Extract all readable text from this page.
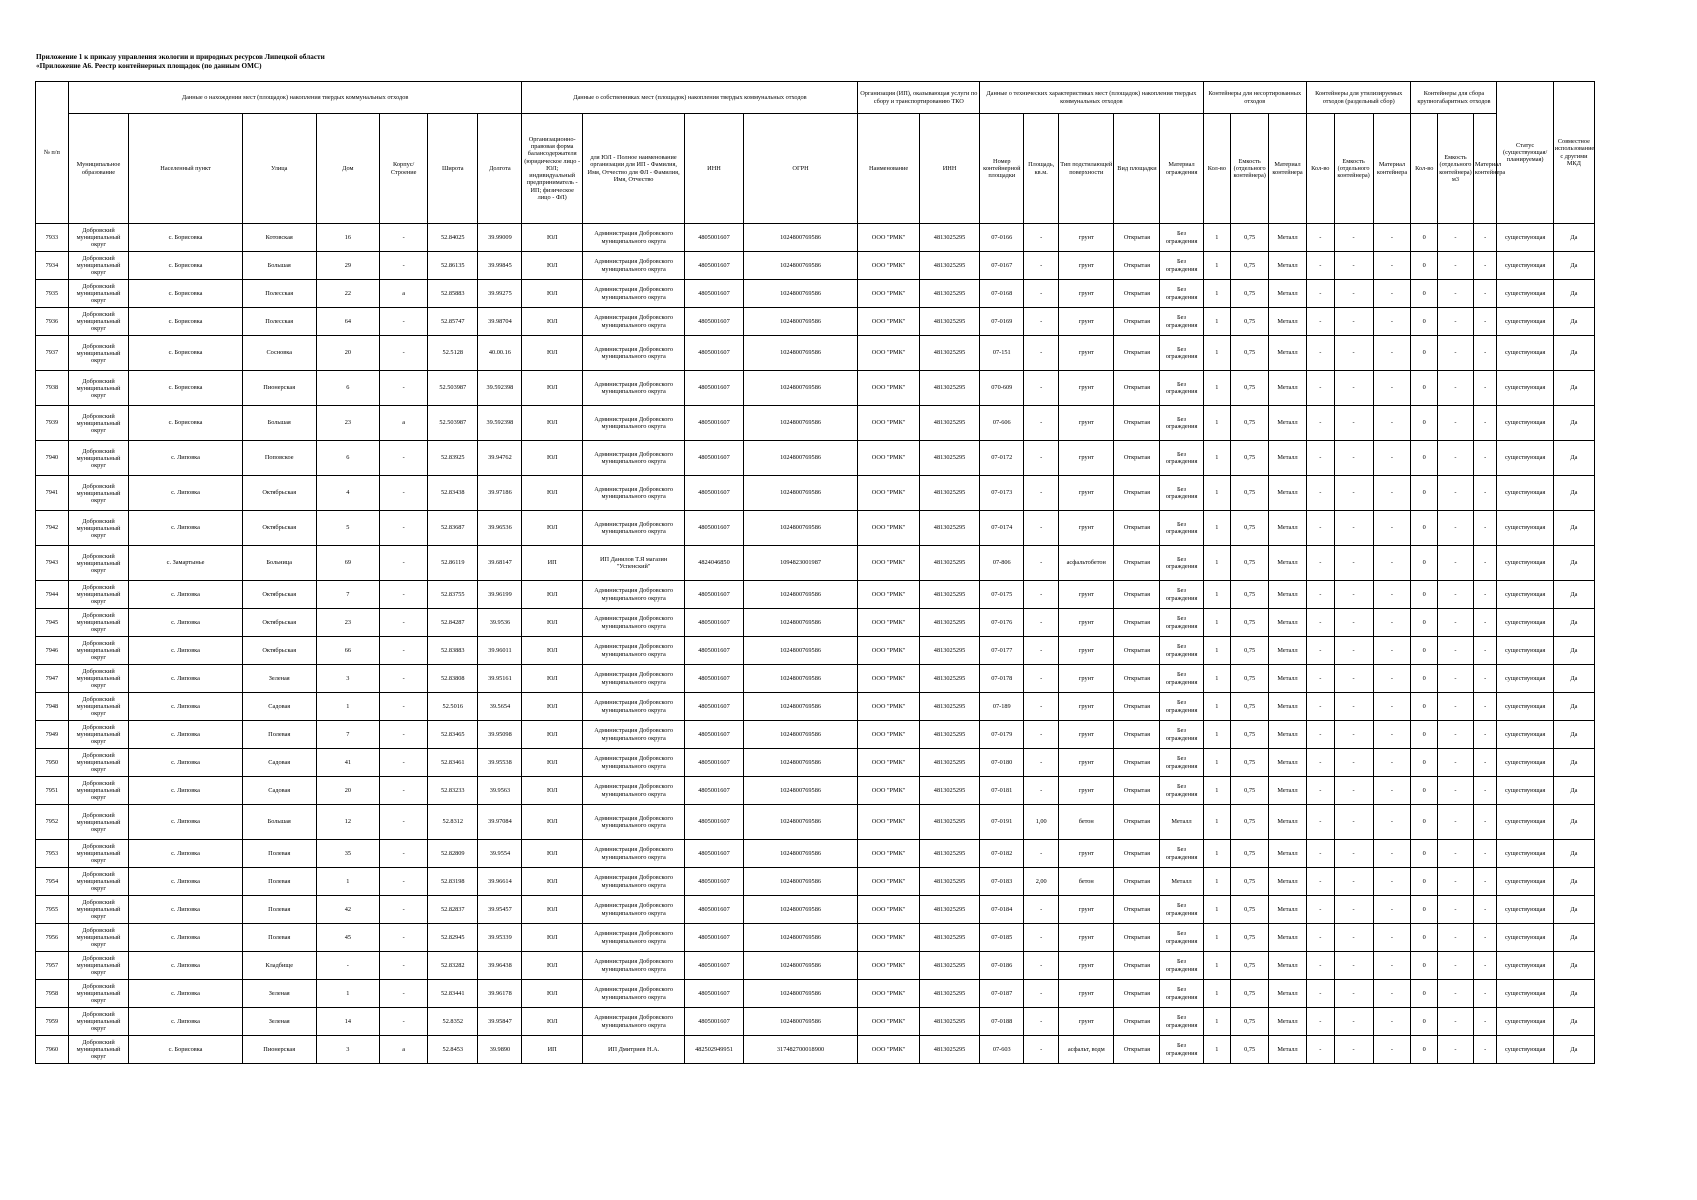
Приложение 1 к приказу управления экологии и природных ресурсов Липецкой области
«Приложение А6. Реестр контейнерных площадок (по данным ОМС)
№ п/п	Данные о нахождении мест (площадок) накопления твердых коммунальных отходов							Данные о собственниках мест (площадок) накопления твердых коммунальных отходов				Организация (ИП), оказывающая услуги по сбору и транспортированию ТКО		Данные о технических характеристиках мест (площадок) накопления твердых коммунальных отходов					Контейнеры для несортированных отходов			Контейнеры для утилизируемых отходов (раздельный сбор)			Контейнеры для сбора крупногабаритных отходов			Статус (существующая/ планируемая)	Совместное использование с другими МКД
	Муниципальное образование	Населенный пункт	Улица	Дом	Корпус/Строение	Широта	Долгота	Организационно-правовая форма балансодержателя (юридическое лицо - ЮЛ; индивидуальный предприниматель - ИП; физическое лицо - ФЛ)	для ЮЛ - Полное наименование организации для ИП - Фамилия, Имя, Отчество для ФЛ - Фамилия, Имя, Отчество	ИНН	ОГРН	Наименование	ИНН	Номер контейнерной площадки	Площадь, кв.м.	Тип подстилающей поверхности	Вид площадки	Материал ограждения	Кол-во	Емкость (отдельного контейнера)	Материал контейнера	Кол-во	Емкость (отдельного контейнера)	Материал контейнера	Кол-во	Емкость (отдельного контейнера) м3	Материал контейнера		
7933	Добровский муниципальный округ	с. Борисовка	Котовская	16	-	52.84025	39.99009	ЮЛ	Администрация Добровского муниципального округа	4805001607	1024800769586	ООО "РМК"	4813025295	07-0166	-	грунт	Открытая	Без ограждения	1	0,75	Металл	-	-	-	0	-	-	существующая	Да
7934	Добровский муниципальный округ	с. Борисовка	Большая	29	-	52.86135	39.99845	ЮЛ	Администрация Добровского муниципального округа	4805001607	1024800769586	ООО "РМК"	4813025295	07-0167	-	грунт	Открытая	Без ограждения	1	0,75	Металл	-	-	-	0	-	-	существующая	Да
7935	Добровский муниципальный округ	с. Борисовка	Полесская	22	а	52.85883	39.99275	ЮЛ	Администрация Добровского муниципального округа	4805001607	1024800769586	ООО "РМК"	4813025295	07-0168	-	грунт	Открытая	Без ограждения	1	0,75	Металл	-	-	-	0	-	-	существующая	Да
7936	Добровский муниципальный округ	с. Борисовка	Полесская	64	-	52.85747	39.98704	ЮЛ	Администрация Добровского муниципального округа	4805001607	1024800769586	ООО "РМК"	4813025295	07-0169	-	грунт	Открытая	Без ограждения	1	0,75	Металл	-	-	-	0	-	-	существующая	Да
7937	Добровский муниципальный округ	с. Борисовка	Сосновка	20	-	52.5128	40.00.16	ЮЛ	Администрация Добровского муниципального округа	4805001607	1024800769586	ООО "РМК"	4813025295	07-151	-	грунт	Открытая	Без ограждения	1	0,75	Металл	-	-	-	0	-	-	существующая	Да
7938	Добровский муниципальный округ	с. Борисовка	Пионерская	6	-	52.503987	39.592398	ЮЛ	Администрация Добровского муниципального округа	4805001607	1024800769586	ООО "РМК"	4813025295	070-609	-	грунт	Открытая	Без ограждения	1	0,75	Металл	-	-	-	0	-	-	существующая	Да
7939	Добровский муниципальный округ	с. Борисовка	Большая	23	а	52.503987	39.592398	ЮЛ	Администрация Добровского муниципального округа	4805001607	1024800769586	ООО "РМК"	4813025295	07-606	-	грунт	Открытая	Без ограждения	1	0,75	Металл	-	-	-	0	-	-	существующая	Да
7940	Добровский муниципальный округ	с. Липовка	Поповское	6	-	52.83925	39.94762	ЮЛ	Администрация Добровского муниципального округа	4805001607	1024800769586	ООО "РМК"	4813025295	07-0172	-	грунт	Открытая	Без ограждения	1	0,75	Металл	-	-	-	0	-	-	существующая	Да
7941	Добровский муниципальный округ	с. Липовка	Октябрьская	4	-	52.83438	39.97186	ЮЛ	Администрация Добровского муниципального округа	4805001607	1024800769586	ООО "РМК"	4813025295	07-0173	-	грунт	Открытая	Без ограждения	1	0,75	Металл	-	-	-	0	-	-	существующая	Да
7942	Добровский муниципальный округ	с. Липовка	Октябрьская	5	-	52.83687	39.96536	ЮЛ	Администрация Добровского муниципального округа	4805001607	1024800769586	ООО "РМК"	4813025295	07-0174	-	грунт	Открытая	Без ограждения	1	0,75	Металл	-	-	-	0	-	-	существующая	Да
7943	Добровский муниципальный округ	с. Замартынье	Больница	69	-	52.86119	39.68147	ИП	ИП Данилов Т.Я магазин "Успенский"	4824046850	1094823001987	ООО "РМК"	4813025295	07-806	-	асфальтобетон	Открытая	Без ограждения	1	0,75	Металл	-	-	-	0	-	-	существующая	Да
7944	Добровский муниципальный округ	с. Липовка	Октябрьская	7	-	52.83755	39.96199	ЮЛ	Администрация Добровского муниципального округа	4805001607	1024800769586	ООО "РМК"	4813025295	07-0175	-	грунт	Открытая	Без ограждения	1	0,75	Металл	-	-	-	0	-	-	существующая	Да
7945	Добровский муниципальный округ	с. Липовка	Октябрьская	23	-	52.84287	39.9536	ЮЛ	Администрация Добровского муниципального округа	4805001607	1024800769586	ООО "РМК"	4813025295	07-0176	-	грунт	Открытая	Без ограждения	1	0,75	Металл	-	-	-	0	-	-	существующая	Да
7946	Добровский муниципальный округ	с. Липовка	Октябрьская	66	-	52.83883	39.96011	ЮЛ	Администрация Добровского муниципального округа	4805001607	1024800769586	ООО "РМК"	4813025295	07-0177	-	грунт	Открытая	Без ограждения	1	0,75	Металл	-	-	-	0	-	-	существующая	Да
7947	Добровский муниципальный округ	с. Липовка	Зеленая	3	-	52.83808	39.95161	ЮЛ	Администрация Добровского муниципального округа	4805001607	1024800769586	ООО "РМК"	4813025295	07-0178	-	грунт	Открытая	Без ограждения	1	0,75	Металл	-	-	-	0	-	-	существующая	Да
7948	Добровский муниципальный округ	с. Липовка	Садовая	1	-	52.5016	39.5654	ЮЛ	Администрация Добровского муниципального округа	4805001607	1024800769586	ООО "РМК"	4813025295	07-189	-	грунт	Открытая	Без ограждения	1	0,75	Металл	-	-	-	0	-	-	существующая	Да
7949	Добровский муниципальный округ	с. Липовка	Полевая	7	-	52.83465	39.95098	ЮЛ	Администрация Добровского муниципального округа	4805001607	1024800769586	ООО "РМК"	4813025295	07-0179	-	грунт	Открытая	Без ограждения	1	0,75	Металл	-	-	-	0	-	-	существующая	Да
7950	Добровский муниципальный округ	с. Липовка	Садовая	41	-	52.83461	39.95538	ЮЛ	Администрация Добровского муниципального округа	4805001607	1024800769586	ООО "РМК"	4813025295	07-0180	-	грунт	Открытая	Без ограждения	1	0,75	Металл	-	-	-	0	-	-	существующая	Да
7951	Добровский муниципальный округ	с. Липовка	Садовая	20	-	52.83233	39.9563	ЮЛ	Администрация Добровского муниципального округа	4805001607	1024800769586	ООО "РМК"	4813025295	07-0181	-	грунт	Открытая	Без ограждения	1	0,75	Металл	-	-	-	0	-	-	существующая	Да
7952	Добровский муниципальный округ	с. Липовка	Большая	12	-	52.8312	39.97084	ЮЛ	Администрация Добровского муниципального округа	4805001607	1024800769586	ООО "РМК"	4813025295	07-0191	1,00	бетон	Открытая	Металл	1	0,75	Металл	-	-	-	0	-	-	существующая	Да
7953	Добровский муниципальный округ	с. Липовка	Полевая	35	-	52.82809	39.9554	ЮЛ	Администрация Добровского муниципального округа	4805001607	1024800769586	ООО "РМК"	4813025295	07-0182	-	грунт	Открытая	Без ограждения	1	0,75	Металл	-	-	-	0	-	-	существующая	Да
7954	Добровский муниципальный округ	с. Липовка	Полевая	1	-	52.83198	39.96614	ЮЛ	Администрация Добровского муниципального округа	4805001607	1024800769586	ООО "РМК"	4813025295	07-0183	2,00	бетон	Открытая	Металл	1	0,75	Металл	-	-	-	0	-	-	существующая	Да
7955	Добровский муниципальный округ	с. Липовка	Полевая	42	-	52.82837	39.95457	ЮЛ	Администрация Добровского муниципального округа	4805001607	1024800769586	ООО "РМК"	4813025295	07-0184	-	грунт	Открытая	Без ограждения	1	0,75	Металл	-	-	-	0	-	-	существующая	Да
7956	Добровский муниципальный округ	с. Липовка	Полевая	45	-	52.82945	39.95339	ЮЛ	Администрация Добровского муниципального округа	4805001607	1024800769586	ООО "РМК"	4813025295	07-0185	-	грунт	Открытая	Без ограждения	1	0,75	Металл	-	-	-	0	-	-	существующая	Да
7957	Добровский муниципальный округ	с. Липовка	Кладбище	-	-	52.83282	39.96438	ЮЛ	Администрация Добровского муниципального округа	4805001607	1024800769586	ООО "РМК"	4813025295	07-0186	-	грунт	Открытая	Без ограждения	1	0,75	Металл	-	-	-	0	-	-	существующая	Да
7958	Добровский муниципальный округ	с. Липовка	Зеленая	1	-	52.83441	39.96178	ЮЛ	Администрация Добровского муниципального округа	4805001607	1024800769586	ООО "РМК"	4813025295	07-0187	-	грунт	Открытая	Без ограждения	1	0,75	Металл	-	-	-	0	-	-	существующая	Да
7959	Добровский муниципальный округ	с. Липовка	Зеленая	14	-	52.8352	39.95847	ЮЛ	Администрация Добровского муниципального округа	4805001607	1024800769586	ООО "РМК"	4813025295	07-0188	-	грунт	Открытая	Без ограждения	1	0,75	Металл	-	-	-	0	-	-	существующая	Да
7960	Добровский муниципальный округ	с. Борисовка	Пионерская	3	а	52.8453	39.9890	ИП	ИП Дмитриев Н.А.	482502949951	317482700018900	ООО "РМК"	4813025295	07-603	-	асфальт, водм	Открытая	Без ограждения	1	0,75	Металл	-	-	-	0	-	-	существующая	Да
